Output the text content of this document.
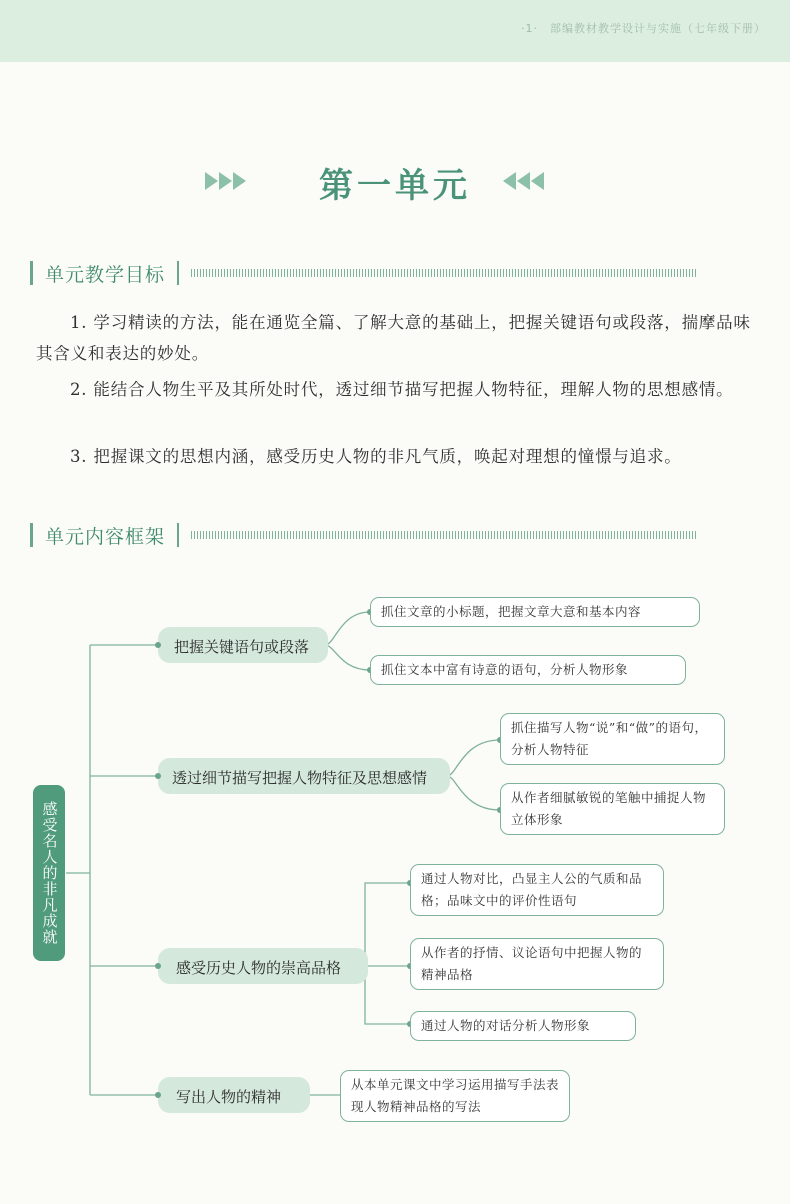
·1·　部编教材教学设计与实施（七年级下册）
第一单元
单元教学目标
1. 学习精读的方法，能在通览全篇、了解大意的基础上，把握关键语句或段落，揣摩品味其含义和表达的妙处。
2. 能结合人物生平及其所处时代，透过细节描写把握人物特征，理解人物的思想感情。
3. 把握课文的思想内涵，感受历史人物的非凡气质，唤起对理想的憧憬与追求。
单元内容框架
感受名人的非凡成就
把握关键语句或段落
透过细节描写把握人物特征及思想感情
感受历史人物的崇高品格
写出人物的精神
抓住文章的小标题，把握文章大意和基本内容
抓住文本中富有诗意的语句，分析人物形象
抓住描写人物“说”和“做”的语句，分析人物特征
从作者细腻敏锐的笔触中捕捉人物立体形象
通过人物对比，凸显主人公的气质和品格；品味文中的评价性语句
从作者的抒情、议论语句中把握人物的精神品格
通过人物的对话分析人物形象
从本单元课文中学习运用描写手法表现人物精神品格的写法
